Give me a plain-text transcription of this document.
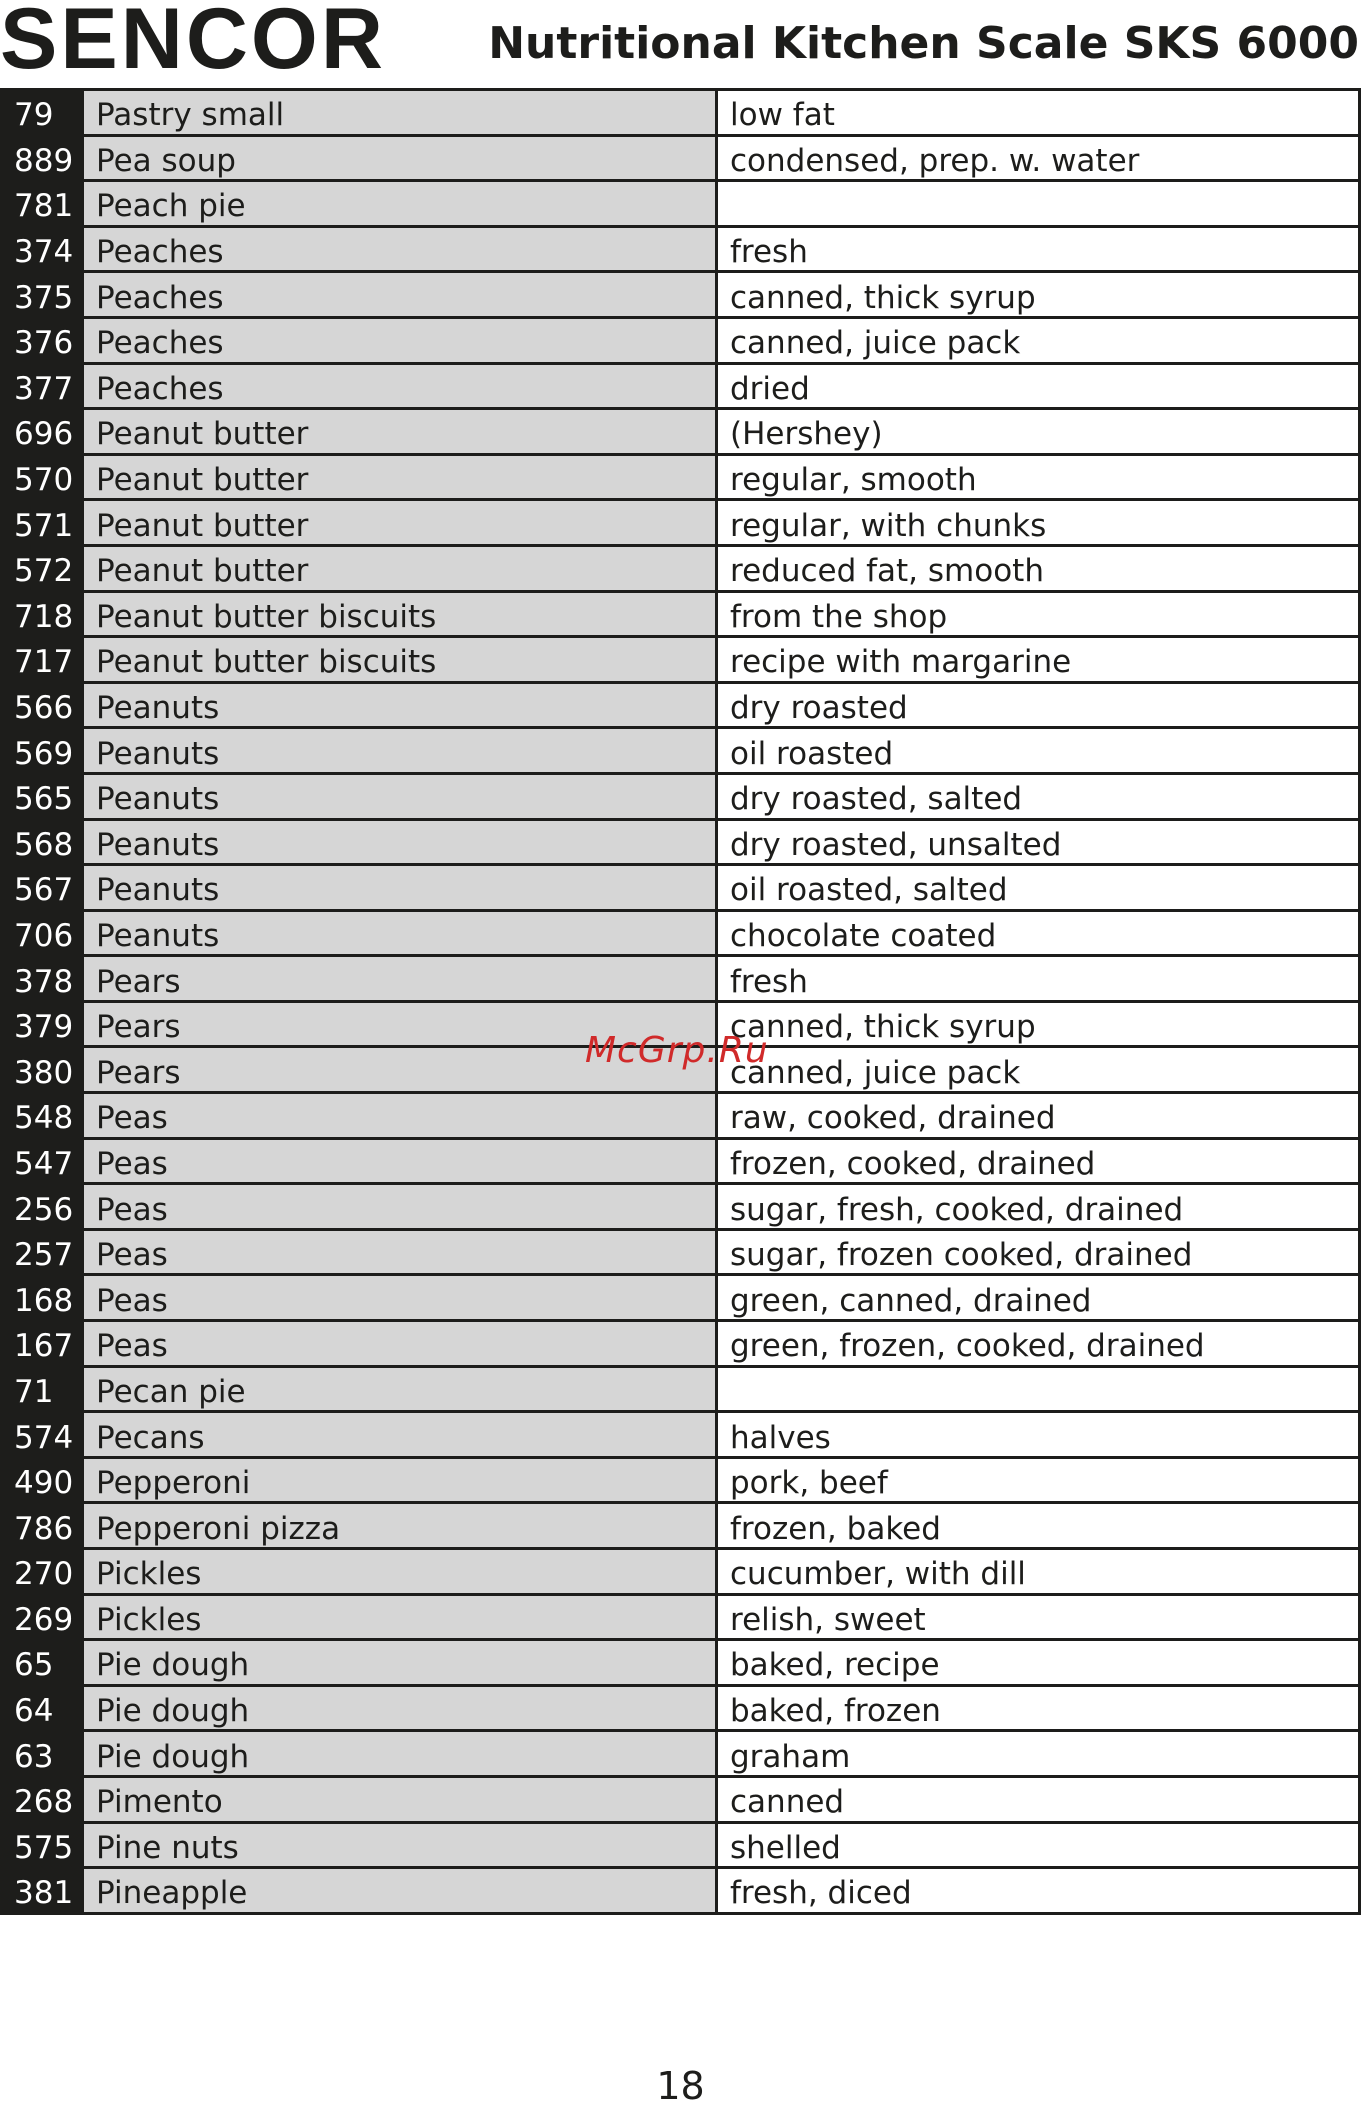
SENCOR	Nutritional Kitchen Scale SKS 6000
79	Pastry small	low fat
889 Pea soup	condensed, prep. w. water
781 Peach pie
374 Peaches	fresh
375 Peaches	canned, thick syrup
376 Peaches	canned, juice pack
377 Peaches	dried
696 Peanut butter	(Hershey)
570 Peanut butter	regular, smooth
571 Peanut butter	regular, with chunks
572 Peanut butter	reduced fat, smooth
718 Peanut butter biscuits	from the shop
717 Peanut butter biscuits	recipe with margarine
566 Peanuts	dry roasted
569 Peanuts	oil roasted
565 Peanuts	dry roasted, salted
568 Peanuts	dry roasted, unsalted
567 Peanuts	oil roasted, salted
706 Peanuts	chocolate coated
378 Pears	fresh
379 Pears	canned, thick syrup
380 Pears	canned, juice pack
548 Peas	raw, cooked, drained
547 Peas	frozen, cooked, drained
256 Peas	sugar, fresh, cooked, drained
257 Peas	sugar, frozen cooked, drained
168 Peas	green, canned, drained
167 Peas	green, frozen, cooked, drained
71	Pecan pie
574 Pecans	halves
490 Pepperoni	pork, beef
786 Pepperoni pizza	frozen, baked
270 Pickles	cucumber, with dill
269 Pickles	relish, sweet
65	Pie dough	baked, recipe
64	Pie dough	baked, frozen
63	Pie dough	graham
268 Pimento	canned
575 Pine nuts	shelled
381 Pineapple	fresh, diced
McGrp.Ru
18
